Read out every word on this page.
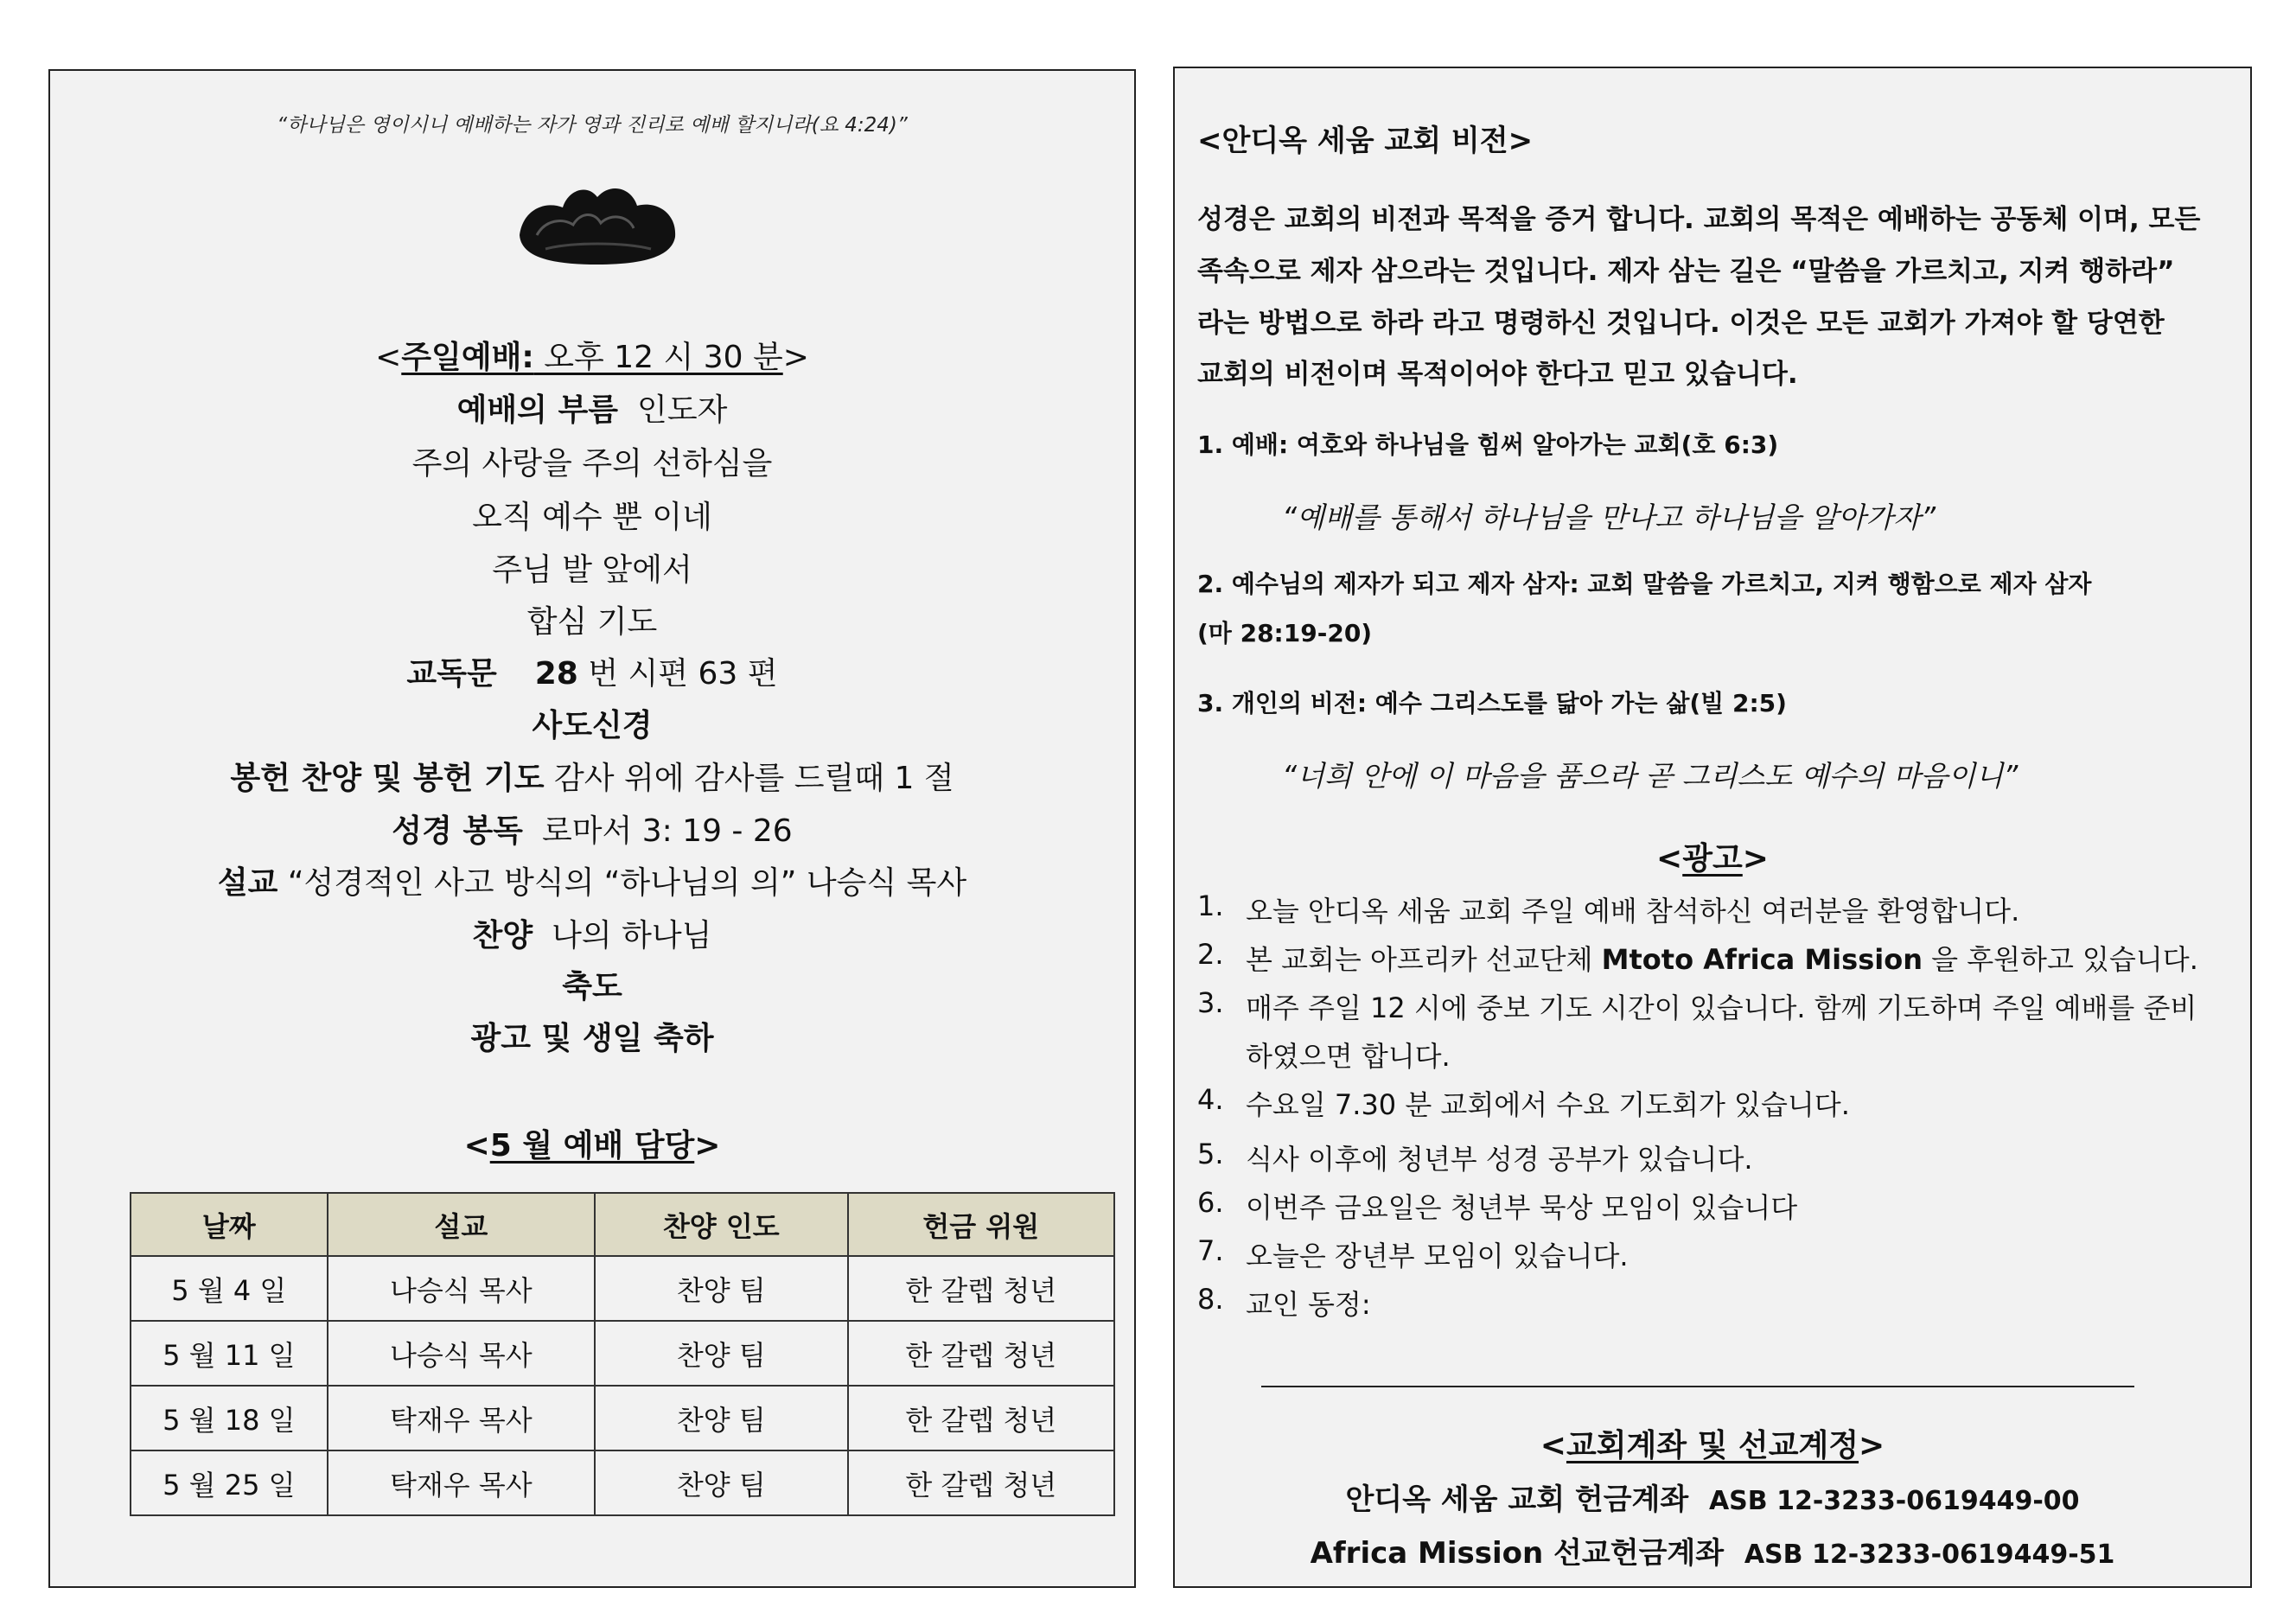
“하나님은 영이시니 예배하는 자가 영과 진리로 예배 할지니라(요 4:24)”
<주일예배: 오후 12 시 30 분>
예배의 부름 인도자
주의 사랑을 주의 선하심을
오직 예수 뿐 이네
주님 발 앞에서
합심 기도
교독문 28 번 시편 63 편
사도신경
봉헌 찬양 및 봉헌 기도 감사 위에 감사를 드릴때 1 절
성경 봉독 로마서 3: 19 - 26
설교 “성경적인 사고 방식의 “하나님의 의” 나승식 목사
찬양 나의 하나님
축도
광고 및 생일 축하
<5 월 예배 담당>
날짜	설교	찬양 인도	헌금 위원
5 월 4 일	나승식 목사	찬양 팀	한 갈렙 청년
5 월 11 일	나승식 목사	찬양 팀	한 갈렙 청년
5 월 18 일	탁재우 목사	찬양 팀	한 갈렙 청년
5 월 25 일	탁재우 목사	찬양 팀	한 갈렙 청년
<안디옥 세움 교회 비전>
성경은 교회의 비전과 목적을 증거 합니다. 교회의 목적은 예배하는 공동체 이며, 모든
족속으로 제자 삼으라는 것입니다. 제자 삼는 길은 “말씀을 가르치고, 지켜 행하라”
라는 방법으로 하라 라고 명령하신 것입니다. 이것은 모든 교회가 가져야 할 당연한
교회의 비전이며 목적이어야 한다고 믿고 있습니다.
1. 예배: 여호와 하나님을 힘써 알아가는 교회(호 6:3)
“예배를 통해서 하나님을 만나고 하나님을 알아가자”
2. 예수님의 제자가 되고 제자 삼자: 교회 말씀을 가르치고, 지켜 행함으로 제자 삼자
(마 28:19-20)
3. 개인의 비전: 예수 그리스도를 닮아 가는 삶(빌 2:5)
“너희 안에 이 마음을 품으라 곧 그리스도 예수의 마음이니”
<광고>
1. 오늘 안디옥 세움 교회 주일 예배 참석하신 여러분을 환영합니다.
2. 본 교회는 아프리카 선교단체 Mtoto Africa Mission 을 후원하고 있습니다.
3. 매주 주일 12 시에 중보 기도 시간이 있습니다. 함께 기도하며 주일 예배를 준비
하였으면 합니다.
4. 수요일 7.30 분 교회에서 수요 기도회가 있습니다.
5. 식사 이후에 청년부 성경 공부가 있습니다.
6. 이번주 금요일은 청년부 묵상 모임이 있습니다
7. 오늘은 장년부 모임이 있습니다.
8. 교인 동정:
<교회계좌 및 선교계정>
안디옥 세움 교회 헌금계좌 ASB 12-3233-0619449-00
Africa Mission 선교헌금계좌 ASB 12-3233-0619449-51
